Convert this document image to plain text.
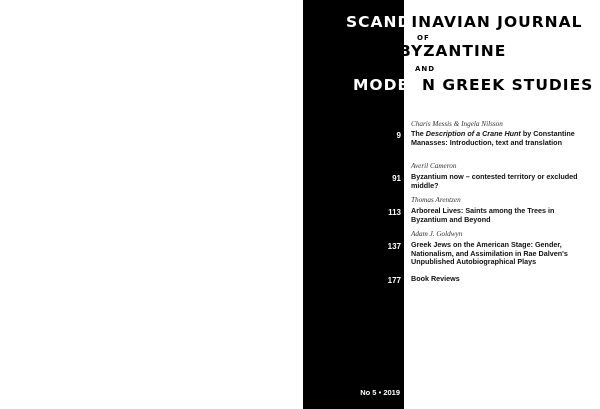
SCANDINAVIAN JOURNAL
OF
BYZANTINE
AND
MODERN GREEK STUDIES
Charis Messis & Ingela Nilsson
9 The Description of a Crane Hunt by Constantine Manasses: Introduction, text and translation
Averil Cameron
91 Byzantium now – contested territory or excluded middle?
Thomas Arentzen
113 Arboreal Lives: Saints among the Trees in Byzantium and Beyond
Adam J. Goldwyn
137 Greek Jews on the American Stage: Gender, Nationalism, and Assimilation in Rae Dalven's Unpublished Autobiographical Plays
177 Book Reviews
No 5 • 2019
